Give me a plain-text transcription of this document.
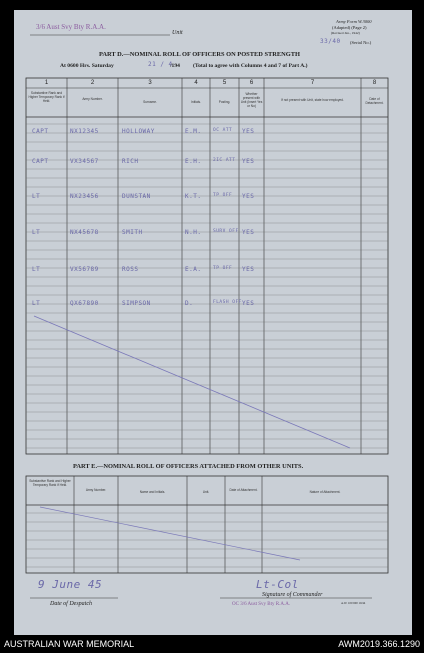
3/6 Aust Svy Bty R.A.A.
Unit
Army Form W.3000
(Adapted) (Page 2)
(Revised Jan., 1942)
33/40 (Serial No.)
PART D.—NOMINAL ROLL OF OFFICERS ON POSTED STRENGTH
At 0600 Hrs. Saturday	21 / 4
/194 (Total to agree with Columns 4 and 7 of Part A.)
1	2	3	4	5	6	7	8
Substantive Rank and Higher Temporary Rank if Held.	Army Number.
Surname.	Initials.	Posting.
Whether present with Unit (Insert Yes or No)
If not present with Unit, state how employed.	Date of Detachment.
CAPT	NX12345	HOLLOWAY	E.M.	OC ATT YES
CAPT	VX34567	RICH	E.H.	2IC ATT YES
LT	NX23456	DUNSTAN	K.T.	TP OFF YES
LT	NX45678	SMITH	N.H.	SURV OFF YES
LT	VX56789	ROSS	E.A.	TP OFF YES
LT	QX67890	SIMPSON	D.	FLASH OFF YES
PART E.—NOMINAL ROLL OF OFFICERS ATTACHED FROM OTHER UNITS.
Substantive Rank and Higher Temporary Rank if Held.
Army Number.	Name and Initials.	Unit.	Date of Attachment.	Nature of Attachment.
9 June 45
Date of Despatch
Lt-Col
Signature of Commander
OC 3/6 Aust Svy Bty R.A.A.	A.W. 100 600 10/44
AUSTRALIAN WAR MEMORIAL	AWM2019.366.1290
